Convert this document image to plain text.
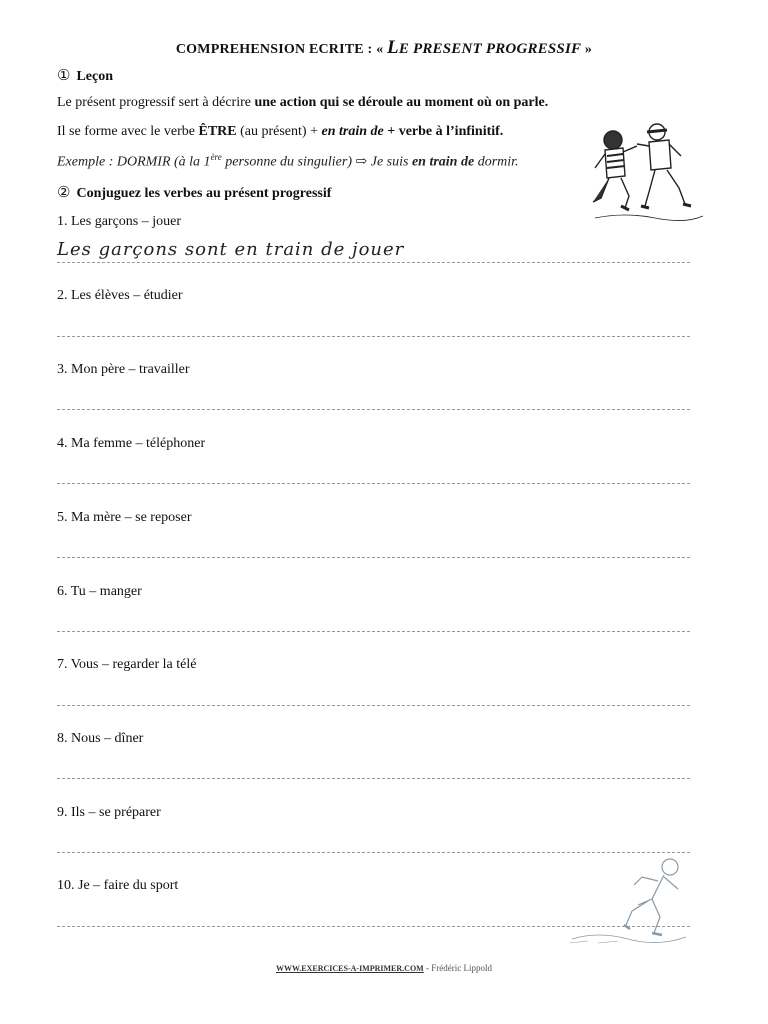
COMPREHENSION ECRITE : « LE PRESENT PROGRESSIF »
① Leçon
Le présent progressif sert à décrire une action qui se déroule au moment où on parle.
Il se forme avec le verbe ÊTRE (au présent) + en train de + verbe à l’infinitif.
Exemple : DORMIR (à la 1ère personne du singulier) ⇨ Je suis en train de dormir.
② Conjuguez les verbes au présent progressif
1. Les garçons – jouer
Les garçons sont en train de jouer
2. Les élèves – étudier
3. Mon père – travailler
4. Ma femme – téléphoner
5. Ma mère – se reposer
6. Tu – manger
7. Vous – regarder la télé
8. Nous – dîner
9. Ils – se préparer
10. Je – faire du sport
WWW.EXERCICES-A-IMPRIMER.COM - Frédéric Lippold
